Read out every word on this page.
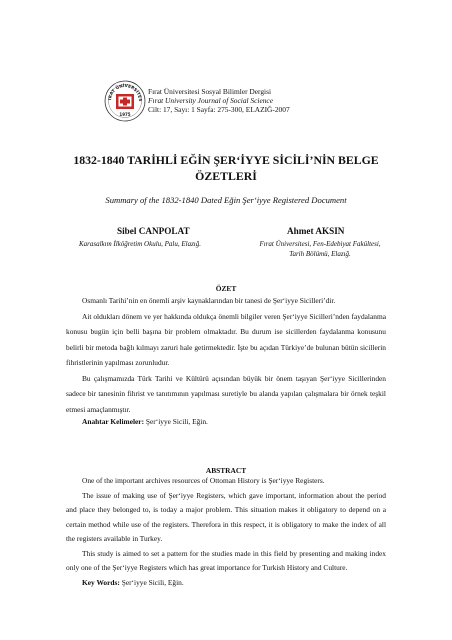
IRAT ÜNİVERSİTES
1975
Fırat Üniversitesi Sosyal Bilimler Dergisi
Fırat University Journal of Social Science
Cilt: 17, Sayı: 1 Sayfa: 275-300, ELAZIĞ-2007
1832-1840 TARİHLİ EĞİN ŞER‘İYYE SİCİLİ’NİN BELGE
ÖZETLERİ
Summary of the 1832-1840 Dated Eğin Şer‘iyye Registered Document
Sibel CANPOLAT
Karasalkım İlköğretim Okulu, Palu, Elazığ.
Ahmet AKSIN
Fırat Üniversitesi, Fen-Edebiyat Fakültesi,
Tarih Bölümü, Elazığ.
ÖZET

Osmanlı Tarihi’nin en önemli arşiv kaynaklarından bir tanesi de Şer‘iyye Sicilleri’dir.

Ait oldukları dönem ve yer hakkında oldukça önemli bilgiler veren Şer‘iyye Sicilleri’nden faydalanma konusu bugün için belli başına bir problem olmaktadır. Bu durum ise sicillerden faydalanma konusunu belirli bir metoda bağlı kılmayı zaruri hale getirmektedir. İşte bu açıdan Türkiye’de bulunan bütün sicillerin fihristlerinin yapılması zorunludur.

Bu çalışmamızda Türk Tarihi ve Kültürü açısından büyük bir önem taşıyan Şer‘iyye Sicillerinden sadece bir tanesinin fihrist ve tanıtımının yapılması suretiyle bu alanda yapılan çalışmalara bir örnek teşkil etmesi amaçlanmıştır.

Anahtar Kelimeler: Şer‘iyye Sicili, Eğin.

ABSTRACT

One of the important archives resources of Ottoman History is Şer‘iyye Registers.

The issue of making use of Şer‘iyye Registers, which gave important, information about the period and place they belonged to, is today a major problem. This situation makes it obligatory to depend on a certain method while use of the registers. Therefora in this respect, it is obligatory to make the index of all the registers available in Turkey.

This study is aimed to set a pattern for the studies made in this field by presenting and making index only one of the Şer‘iyye Registers which has great importance for Turkish History and Culture.

Key Words: Şer‘iyye Sicili, Eğin.
